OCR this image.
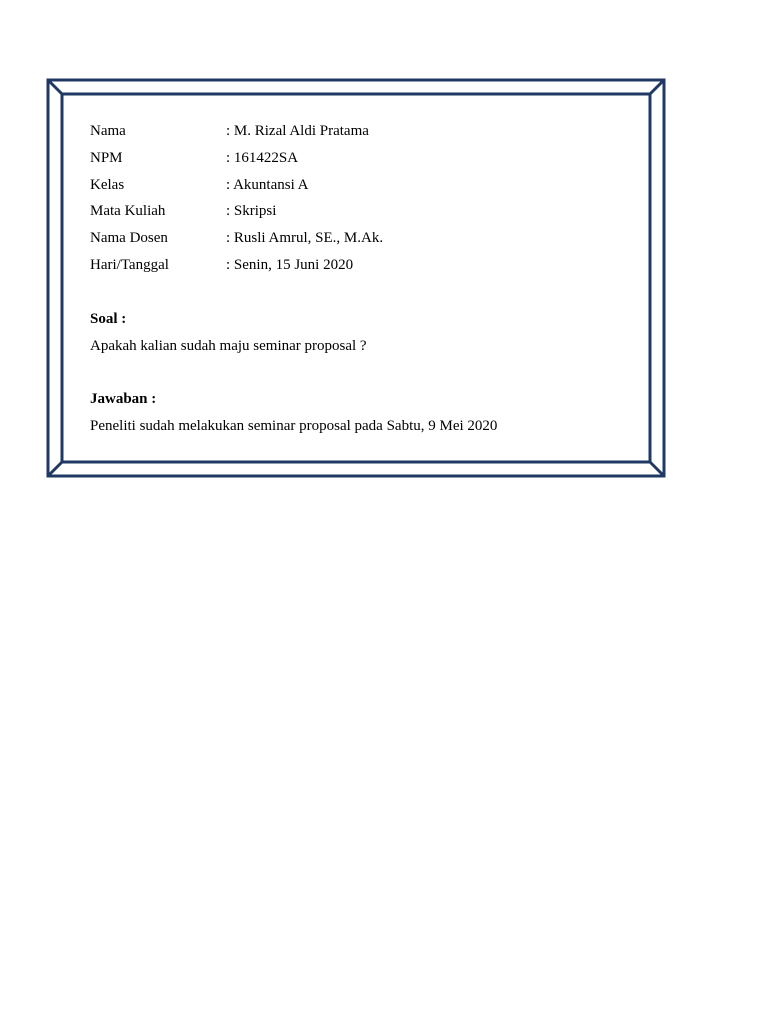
Nama	: M. Rizal Aldi Pratama
NPM	: 161422SA
Kelas	: Akuntansi A
Mata Kuliah	: Skripsi
Nama Dosen	: Rusli Amrul, SE., M.Ak.
Hari/Tanggal	: Senin, 15 Juni 2020
Soal :
Apakah kalian sudah maju seminar proposal ?
Jawaban :
Peneliti sudah melakukan seminar proposal pada Sabtu, 9 Mei 2020
